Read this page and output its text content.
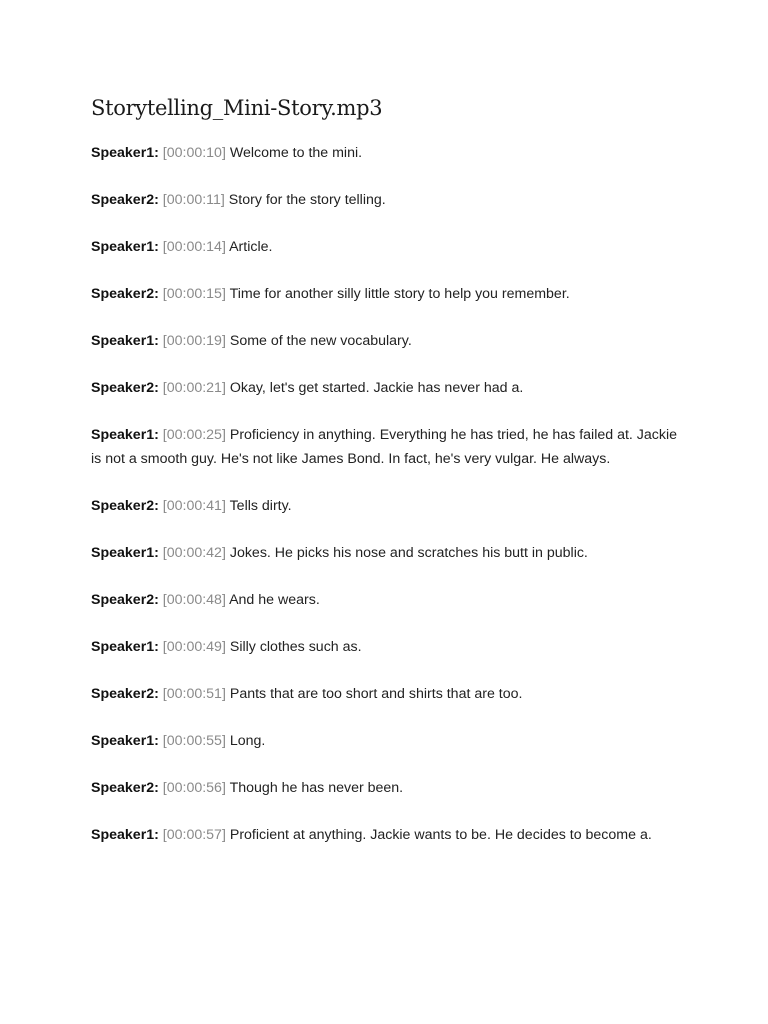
Storytelling_Mini-Story.mp3

Speaker1: [00:00:10] Welcome to the mini.

Speaker2: [00:00:11] Story for the story telling.

Speaker1: [00:00:14] Article.

Speaker2: [00:00:15] Time for another silly little story to help you remember.

Speaker1: [00:00:19] Some of the new vocabulary.

Speaker2: [00:00:21] Okay, let's get started. Jackie has never had a.

Speaker1: [00:00:25] Proficiency in anything. Everything he has tried, he has failed at. Jackie is not a smooth guy. He's not like James Bond. In fact, he's very vulgar. He always.

Speaker2: [00:00:41] Tells dirty.

Speaker1: [00:00:42] Jokes. He picks his nose and scratches his butt in public.

Speaker2: [00:00:48] And he wears.

Speaker1: [00:00:49] Silly clothes such as.

Speaker2: [00:00:51] Pants that are too short and shirts that are too.

Speaker1: [00:00:55] Long.

Speaker2: [00:00:56] Though he has never been.

Speaker1: [00:00:57] Proficient at anything. Jackie wants to be. He decides to become a.
